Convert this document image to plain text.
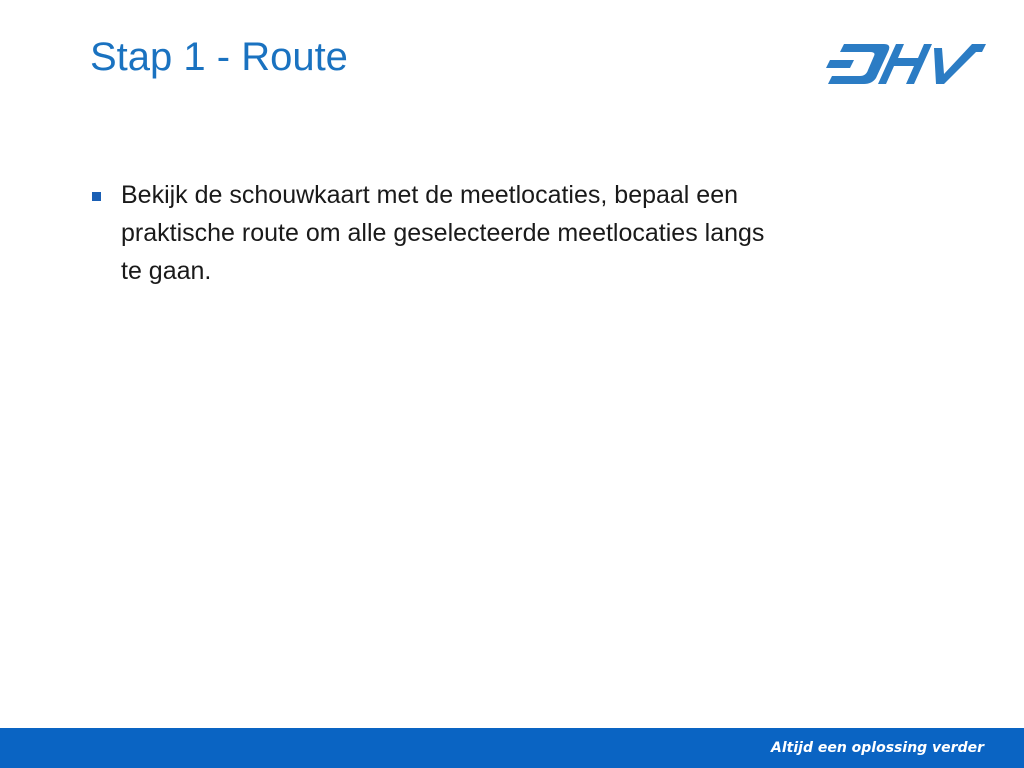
Stap 1 - Route
Bekijk de schouwkaart met de meetlocaties, bepaal een praktische route om alle geselecteerde meetlocaties langs te gaan.
Altijd een oplossing verder
